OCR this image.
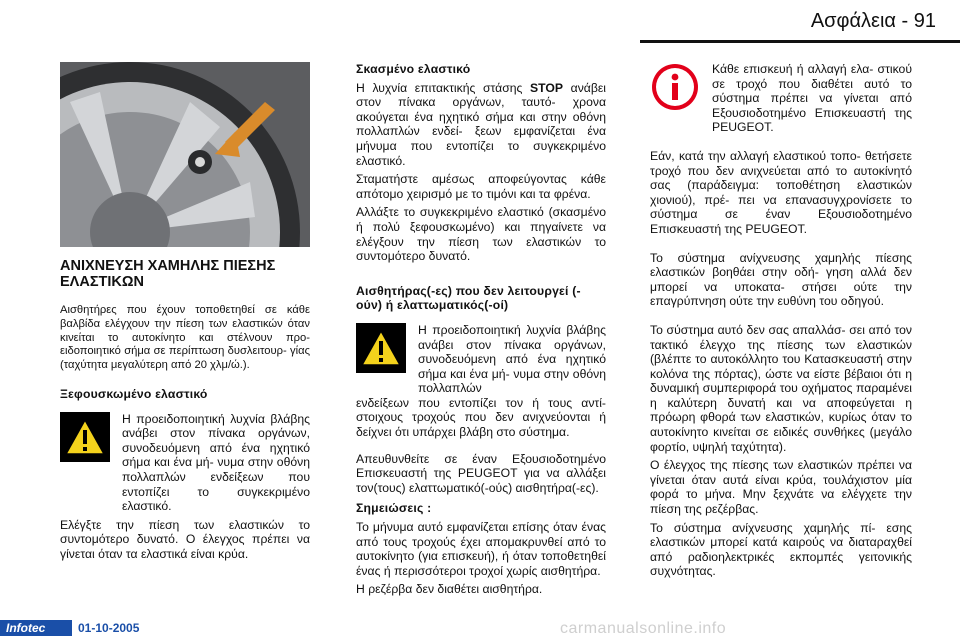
Ασφάλεια - 91
ΑΝΙΧΝΕΥΣΗ ΧΑΜΗΛΗΣ ΠΙΕΣΗΣ ΕΛΑΣΤΙΚΩΝ

Αισθητήρες που έχουν τοποθετηθεί σε κάθε βαλβίδα ελέγχουν την πίεση των ελαστικών όταν κινείται το αυτοκίνητο και στέλνουν προ- ειδοποιητικό σήμα σε περίπτωση δυσλειτουρ- γίας (ταχύτητα μεγαλύτερη από 20 χλμ/ώ.).

Ξεφουσκωμένο ελαστικό

Η προειδοποιητική λυχνία βλάβης ανάβει στον πίνακα οργάνων, συνοδευόμενη από ένα ηχητικό σήμα και ένα μή- νυμα στην οθόνη πολλαπλών ενδείξεων που εντοπίζει το συγκεκριμένο ελαστικό.

Ελέγξτε την πίεση των ελαστικών το συντομότερο δυνατό. Ο έλεγχος πρέπει να γίνεται όταν τα ελαστικά είναι κρύα.

Σκασμένο ελαστικό

Η λυχνία επιτακτικής στάσης STOP ανάβει στον πίνακα οργάνων, ταυτό- χρονα ακούγεται ένα ηχητικό σήμα και στην οθόνη πολλαπλών ενδεί- ξεων εμφανίζεται ένα μήνυμα που εντοπίζει το συγκεκριμένο ελαστικό.

Σταματήστε αμέσως αποφεύγοντας κάθε απότομο χειρισμό με το τιμόνι και τα φρένα.

Αλλάξτε το συγκεκριμένο ελαστικό (σκασμένο ή πολύ ξεφουσκωμένο) και πηγαίνετε να ελέγξουν την πίεση των ελαστικών το συντομότερο δυνατό.

Αισθητήρας(-ες) που δεν λειτουργεί (-ούν) ή ελαττωματικός(-οί)

Η προειδοποιητική λυχνία βλάβης ανάβει στον πίνακα οργάνων, συνοδευόμενη από ένα ηχητικό σήμα και ένα μή- νυμα στην οθόνη πολλαπλών

ενδείξεων που εντοπίζει τον ή τους αντί- στοιχους τροχούς που δεν ανιχνεύονται ή δείχνει ότι υπάρχει βλάβη στο σύστημα.

Απευθυνθείτε σε έναν Εξουσιοδοτημένο Επισκευαστή της PEUGEOT για να αλλάξει τον(τους) ελαττωματικό(-ούς) αισθητήρα(-ες).

Σημειώσεις :

Το μήνυμα αυτό εμφανίζεται επίσης όταν ένας από τους τροχούς έχει απομακρυνθεί από το αυτοκίνητο (για επισκευή), ή όταν τοποθετηθεί ένας ή περισσότεροι τροχοί χωρίς αισθητήρα.

Η ρεζέρβα δεν διαθέτει αισθητήρα.

Κάθε επισκευή ή αλλαγή ελα- στικού σε τροχό που διαθέτει αυτό το σύστημα πρέπει να γίνεται από Εξουσιοδοτημένο Επισκευαστή της PEUGEOT.

Εάν, κατά την αλλαγή ελαστικού τοπο- θετήσετε τροχό που δεν ανιχνεύεται από το αυτοκίνητό σας (παράδειγμα: τοποθέτηση ελαστικών χιονιού), πρέ- πει να επανασυγχρονίσετε το σύστημα σε έναν Εξουσιοδοτημένο Επισκευαστή της PEUGEOT.

Το σύστημα ανίχνευσης χαμηλής πίεσης ελαστικών βοηθάει στην οδή- γηση αλλά δεν μπορεί να υποκατα- στήσει ούτε την επαγρύπνηση ούτε την ευθύνη του οδηγού.

Το σύστημα αυτό δεν σας απαλλάσ- σει από τον τακτικό έλεγχο της πίεσης των ελαστικών (βλέπτε το αυτοκόλλητο του Κατασκευαστή στην κολόνα της πόρτας), ώστε να είστε βέβαιοι ότι η δυναμική συμπεριφορά του οχήματος παραμένει η καλύτερη δυνατή και να αποφεύγεται η πρόωρη φθορά των ελαστικών, κυρίως όταν το αυτοκίνητο κινείται σε ειδικές συνθήκες (μεγάλο φορτίο, υψηλή ταχύτητα).

Ο έλεγχος της πίεσης των ελαστικών πρέπει να γίνεται όταν αυτά είναι κρύα, τουλάχιστον μία φορά το μήνα. Μην ξεχνάτε να ελέγχετε την πίεση της ρεζέρβας.

Το σύστημα ανίχνευσης χαμηλής πί- εσης ελαστικών μπορεί κατά καιρούς να διαταραχθεί από ραδιοηλεκτρικές εκπομπές γειτονικής συχνότητας.

Infotec	01-10-2005	carmanualsonline.info
